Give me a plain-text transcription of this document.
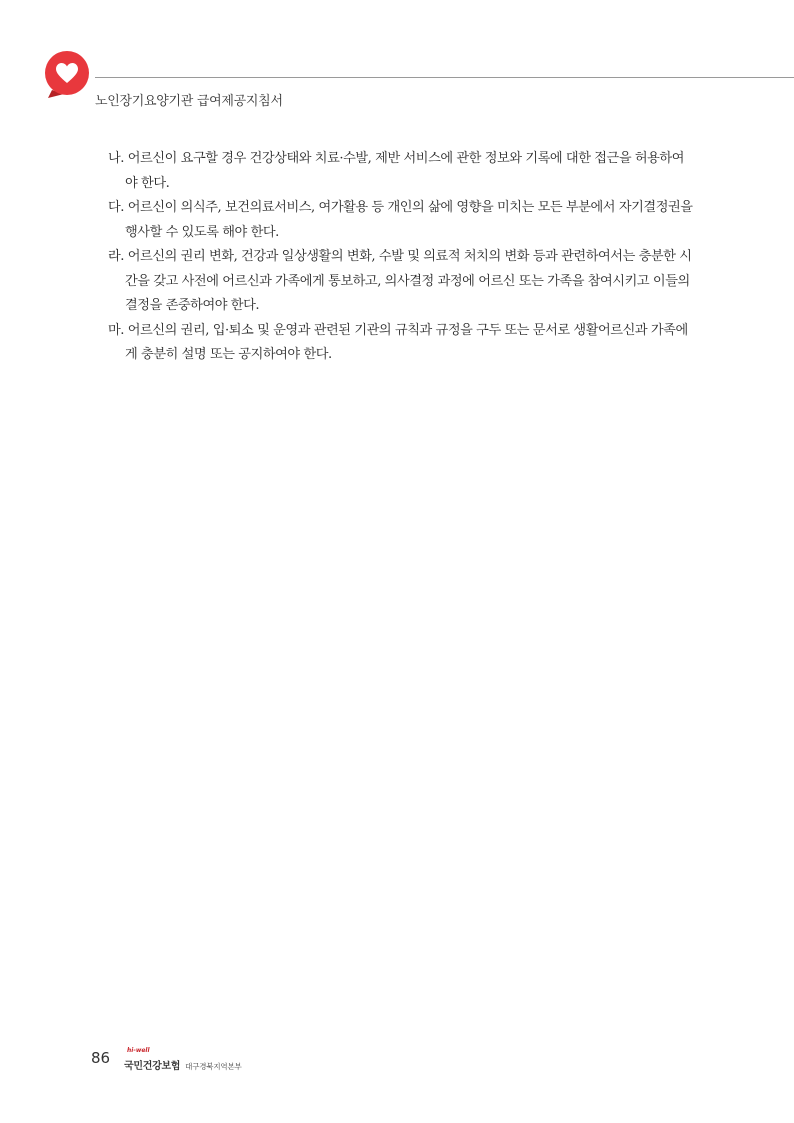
노인장기요양기관 급여제공지침서
나. 어르신이 요구할 경우 건강상태와 치료·수발, 제반 서비스에 관한 정보와 기록에 대한 접근을 허용하여
야 한다.
다. 어르신이 의식주, 보건의료서비스, 여가활용 등 개인의 삶에 영향을 미치는 모든 부분에서 자기결정권을
행사할 수 있도록 해야 한다.
라. 어르신의 권리 변화, 건강과 일상생활의 변화, 수발 및 의료적 처치의 변화 등과 관련하여서는 충분한 시
간을 갖고 사전에 어르신과 가족에게 통보하고, 의사결정 과정에 어르신 또는 가족을 참여시키고 이들의
결정을 존중하여야 한다.
마. 어르신의 권리, 입·퇴소 및 운영과 관련된 기관의 규칙과 규정을 구두 또는 문서로 생활어르신과 가족에
게 충분히 설명 또는 공지하여야 한다.
86	hi-well
국민건강보험 대구경북지역본부
